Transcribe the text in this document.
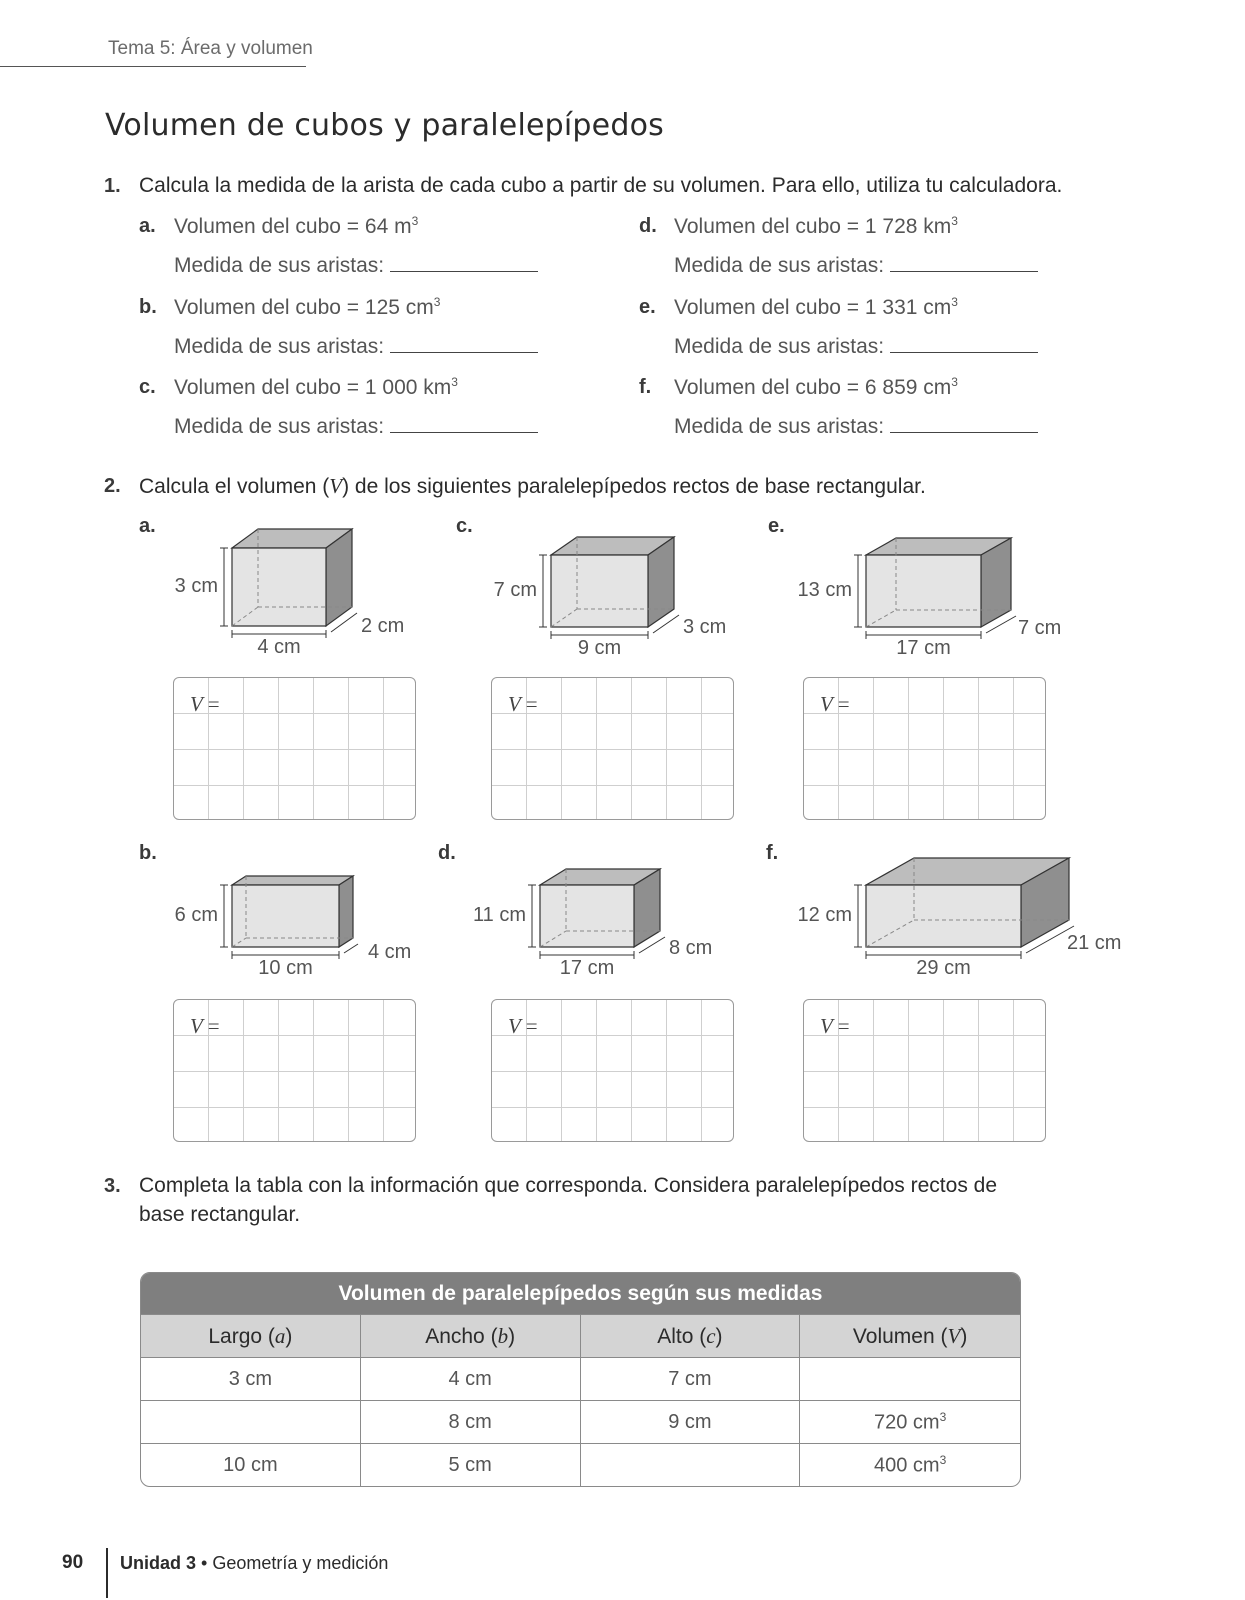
Tema 5: Área y volumen
Volumen de cubos y paralelepípedos
1. Calcula la medida de la arista de cada cubo a partir de su volumen. Para ello, utiliza tu calculadora.
a. Volumen del cubo = 64 $m^3$
Medida de sus aristas:
b. Volumen del cubo = 125 $cm^3$
Medida de sus aristas:
c. Volumen del cubo = 1 000 $km^3$
Medida de sus aristas:
d. Volumen del cubo = 1 728 $km^3$
Medida de sus aristas:
e. Volumen del cubo = 1 331 $cm^3$
Medida de sus aristas:
f. Volumen del cubo = 6 859 $cm^3$
Medida de sus aristas:
2. Calcula el volumen (V) de los siguientes paralelepípedos rectos de base rectangular.
a.
3 cm
4 cm
2 cm
V =
c.
7 cm
9 cm
3 cm
V =
e.
13 cm
17 cm
7 cm
V =
b.
6 cm
10 cm
4 cm
V =
d.
11 cm
17 cm
8 cm
V =
f.
12 cm
29 cm
21 cm
V =
3. Completa la tabla con la información que corresponda. Considera paralelepípedos rectos de
base rectangular.
Volumen de paralelepípedos según sus medidas			
Largo (a)	Ancho (b)	Alto (c)	Volumen (V)
3 cm	4 cm	7 cm	
	8 cm	9 cm	720 $cm^3$
10 cm	5 cm		400 $cm^3$
90 Unidad 3 • Geometría y medición
